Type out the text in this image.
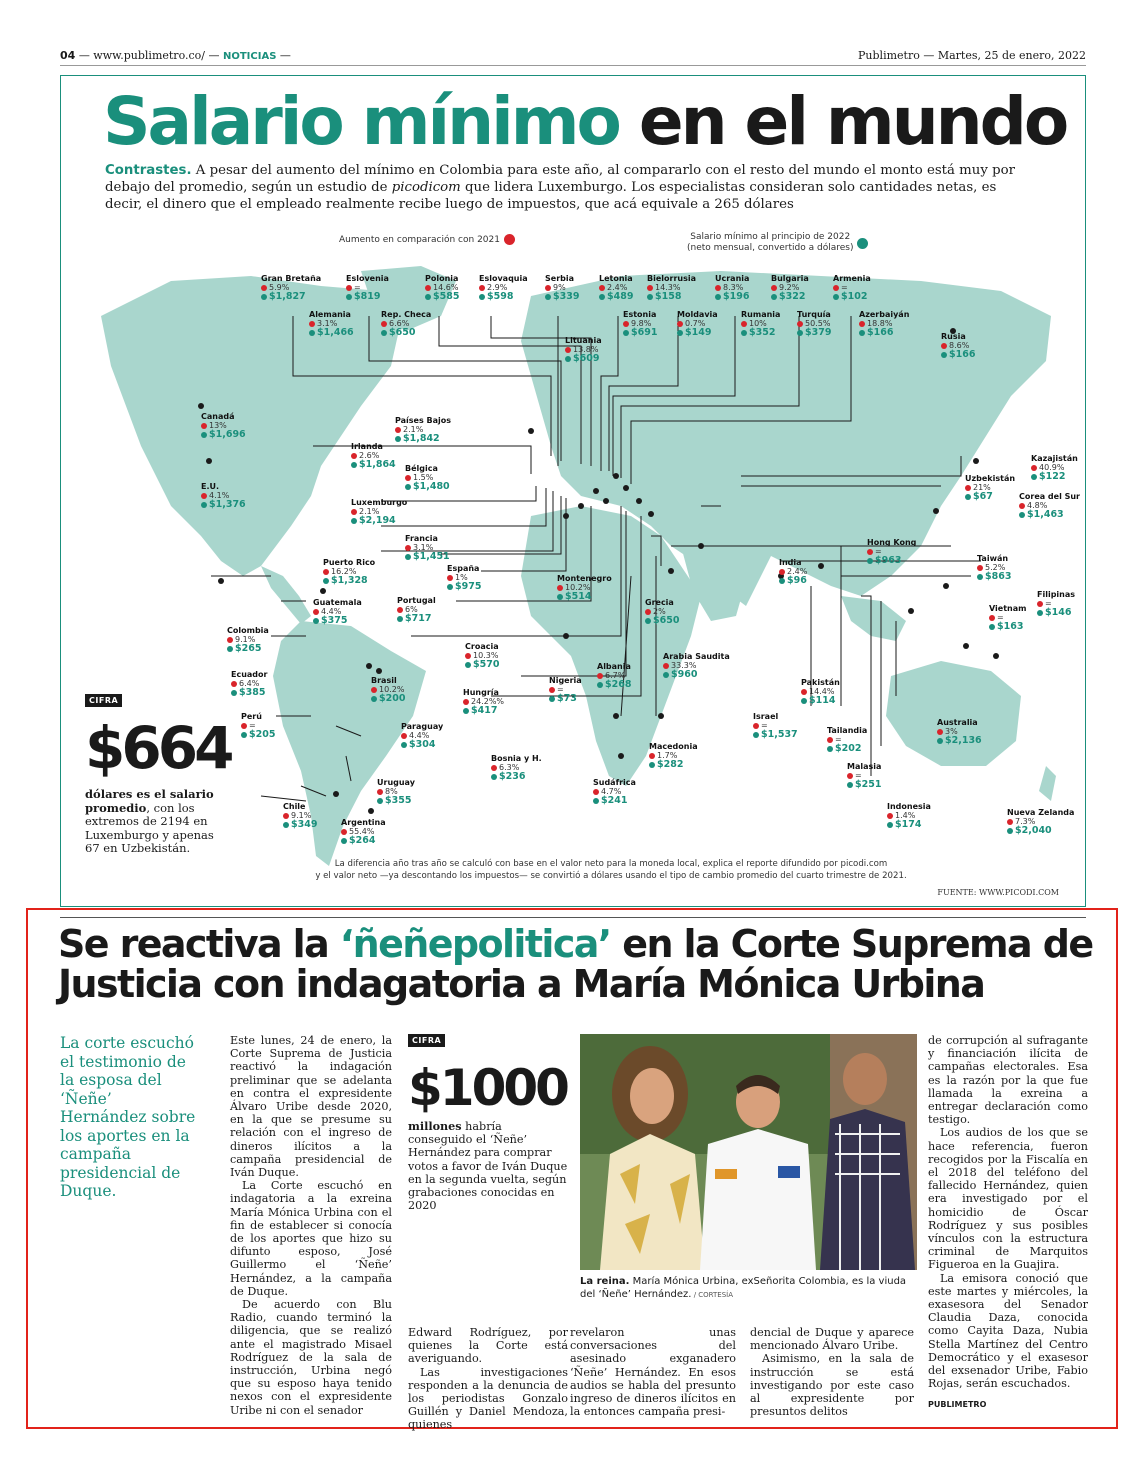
04 — www.publimetro.co/ — NOTICIAS —	Publimetro — Martes, 25 de enero, 2022
Salario mínimo en el mundo
Contrastes. A pesar del aumento del mínimo en Colombia para este año, al compararlo con el resto del mundo el monto está muy por debajo del promedio, según un estudio de picodicom que lidera Luxemburgo. Los especialistas consideran solo cantidades netas, es decir, el dinero que el empleado realmente recibe luego de impuestos, que acá equivale a 265 dólares
Aumento en comparación con 2021	Salario mínimo al principio de 2022
(neto mensual, convertido a dólares)
Gran Bretaña
5.9%
$1,827
Eslovenia
=
$819
Polonia
14.6%
$585
Eslovaquia
2.9%
$598
Serbia
9%
$339
Letonia
2.4%
$489
Bielorrusia
14.3%
$158
Ucrania
8.3%
$196
Bulgaria
9.2%
$322
Armenia
=
$102
Alemania
3.1%
$1,466
Rep. Checa
6.6%
$650
Estonia
9.8%
$691
Moldavia
0.7%
$149
Rumania
10%
$352
Turquía
50.5%
$379
Azerbaiyán
18.8%
$166
Lituania
13.8%
$609
Rusia
8.6%
$166
Canadá
13%
$1,696
Países Bajos
2.1%
$1,842
Irlanda
2.6%
$1,864 Bélgica
1.5%
$1,480
E.U.
4.1%
$1,376	Luxemburgo
2.1%
$2,194
Kazajistán
40.9%
$122
Uzbekistán
21%
$67	Corea del Sur
4.8%
$1,463
Francia
3.1%
$1,451
España
1%
$975
Hong Kong
=
$963
Puerto Rico
16.2%
$1,328
India
2.4%
$96
Taiwán
5.2%
$863
Montenegro
10.2%
$514
Guatemala
4.4%
$375
Portugal
6%
$717
Grecia
2%
$650
Filipinas
=
$146
Vietnam
=
$163
Colombia
9.1%
$265	Croacia
10.3%
$570
Arabia Saudita
33.3%
$960
Ecuador
6.4%
$385
Albania
6.7%
$268
Brasil
10.2%
$200
Nigeria
=
$73
Pakistán
14.4%
$114
Hungría
24.2%%
$417
Perú
=
$205
Israel
=
$1,537	Tailandia
=
$202
Australia
3%
$2,136
Paraguay
4.4%
$304	Macedonia
1.7%
$282
Bosnia y H.
6.3%
$236
Malasia
=
$251
Uruguay
8%
$355
Sudáfrica
4.7%
$241
Chile
9.1%
$349
Indonesia
1.4%
$174
Nueva Zelanda
7.3%
$2,040
Argentina
55.4%
$264
CIFRA
$664
dólares es el salario promedio, con los extremos de 2194 en Luxemburgo y apenas 67 en Uzbekistán.
La diferencia año tras año se calculó con base en el valor neto para la moneda local, explica el reporte difundido por picodi.com
y el valor neto —ya descontando los impuestos— se convirtió a dólares usando el tipo de cambio promedio del cuarto trimestre de 2021.
FUENTE: WWW.PICODI.COM
Se reactiva la ‘ñeñepolitica’ en la Corte Suprema de Justicia con indagatoria a María Mónica Urbina
La corte escuchó el testimonio de la esposa del ‘Ñeñe’ Hernández sobre los aportes en la campaña presidencial de Duque.

Este lunes, 24 de enero, la Corte Suprema de Justicia reactivó la indagación preliminar que se adelanta en contra el expresidente Álvaro Uribe desde 2020, en la que se presume su relación con el ingreso de dineros ilícitos a la campaña presidencial de Iván Duque.

La Corte escuchó en indagatoria a la exreina María Mónica Urbina con el fin de establecer si conocía de los aportes que hizo su difunto esposo, José Guillermo el ‘Ñeñe’ Hernández, a la campaña de Duque.

De acuerdo con Blu Radio, cuando terminó la diligencia, que se realizó ante el magistrado Misael Rodríguez de la sala de instrucción, Urbina negó que su esposo haya tenido nexos con el expresidente Uribe ni con el senador

CIFRA
$1000
millones habría conseguido el ‘Ñeñe’ Hernández para comprar votos a favor de Iván Duque en la segunda vuelta, según grabaciones conocidas en 2020

Edward Rodríguez, por quienes la Corte está averiguando.

Las investigaciones responden a la denuncia de los periodistas Gonzalo Guillén y Daniel Mendoza, quienes

La reina. María Mónica Urbina, exSeñorita Colombia, es la viuda del ‘Ñeñe’ Hernández. / CORTESÍA

revelaron unas conversaciones del asesinado exganadero ‘Ñeñe’ Hernández. En esos audios se habla del presunto ingreso de dineros ilícitos en la entonces campaña presi-

dencial de Duque y aparece mencionado Álvaro Uribe.

Asimismo, en la sala de instrucción se está investigando por este caso al expresidente por presuntos delitos

de corrupción al sufragante y financiación ilícita de campañas electorales. Esa es la razón por la que fue llamada la exreina a entregar declaración como testigo.

Los audios de los que se hace referencia, fueron recogidos por la Fiscalía en el 2018 del teléfono del fallecido Hernández, quien era investigado por el homicidio de Óscar Rodríguez y sus posibles vínculos con la estructura criminal de Marquitos Figueroa en la Guajira.

La emisora conoció que este martes y miércoles, la exasesora del Senador Claudia Daza, conocida como Cayita Daza, Nubia Stella Martínez del Centro Democrático y el exasesor del exsenador Uribe, Fabio Rojas, serán escuchados.

PUBLIMETRO
